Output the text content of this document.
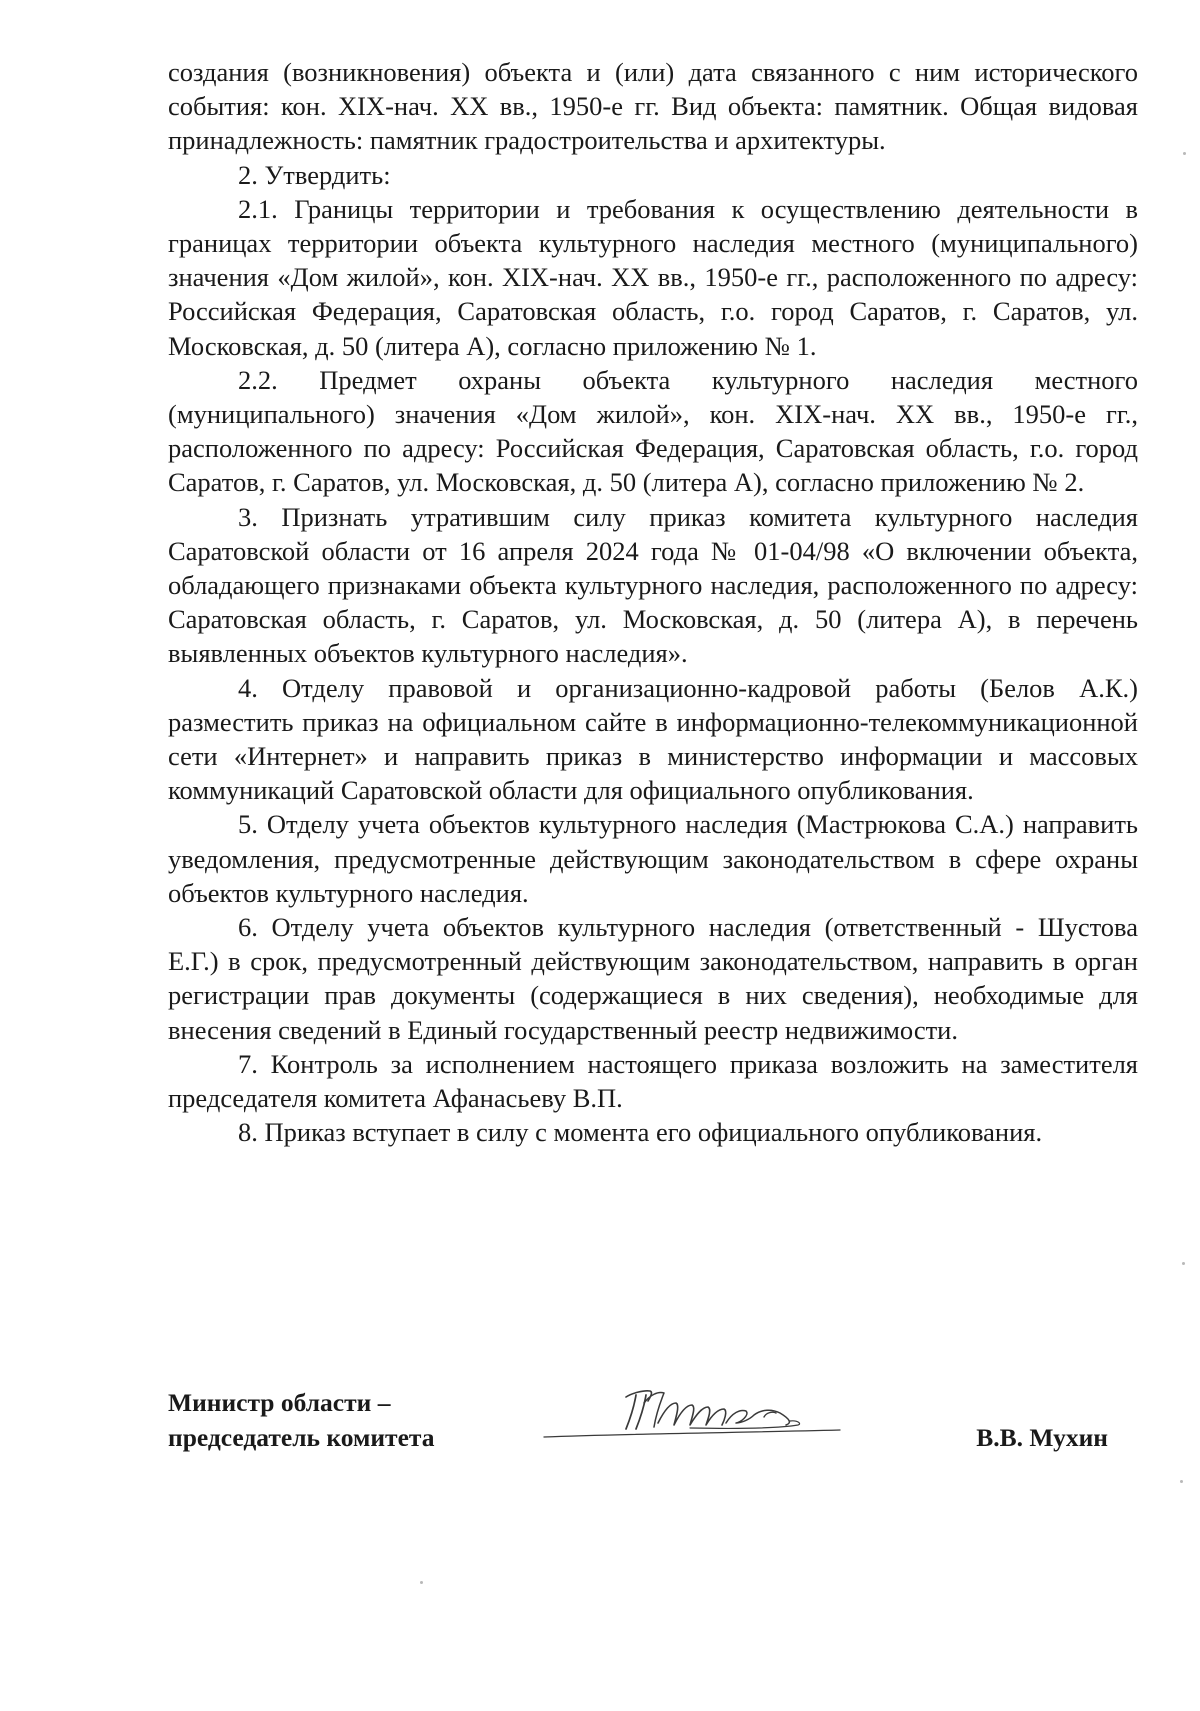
создания (возникновения) объекта и (или) дата связанного с ним исторического события: кон. XIX-нач. XX вв., 1950-е гг. Вид объекта: памятник. Общая видовая принадлежность: памятник градостроительства и архитектуры.

2. Утвердить:

2.1. Границы территории и требования к осуществлению деятельности в границах территории объекта культурного наследия местного (муниципального) значения «Дом жилой», кон. XIX-нач. XX вв., 1950-е гг., расположенного по адресу: Российская Федерация, Саратовская область, г.о. город Саратов, г. Саратов, ул. Московская, д. 50 (литера А), согласно приложению № 1.

2.2. Предмет охраны объекта культурного наследия местного (муниципального) значения «Дом жилой», кон. XIX-нач. XX вв., 1950-е гг., расположенного по адресу: Российская Федерация, Саратовская область, г.о. город Саратов, г. Саратов, ул. Московская, д. 50 (литера А), согласно приложению № 2.

3. Признать утратившим силу приказ комитета культурного наследия Саратовской области от 16 апреля 2024 года № 01-04/98 «О включении объекта, обладающего признаками объекта культурного наследия, расположенного по адресу: Саратовская область, г. Саратов, ул. Московская, д. 50 (литера А), в перечень выявленных объектов культурного наследия».

4. Отделу правовой и организационно-кадровой работы (Белов А.К.) разместить приказ на официальном сайте в информационно-телекоммуникационной сети «Интернет» и направить приказ в министерство информации и массовых коммуникаций Саратовской области для официального опубликования.

5. Отделу учета объектов культурного наследия (Мастрюкова С.А.) направить уведомления, предусмотренные действующим законодательством в сфере охраны объектов культурного наследия.

6. Отделу учета объектов культурного наследия (ответственный - Шустова Е.Г.) в срок, предусмотренный действующим законодательством, направить в орган регистрации прав документы (содержащиеся в них сведения), необходимые для внесения сведений в Единый государственный реестр недвижимости.

7. Контроль за исполнением настоящего приказа возложить на заместителя председателя комитета Афанасьеву В.П.

8. Приказ вступает в силу с момента его официального опубликования.

Министр области –
председатель комитета	В.В. Мухин
